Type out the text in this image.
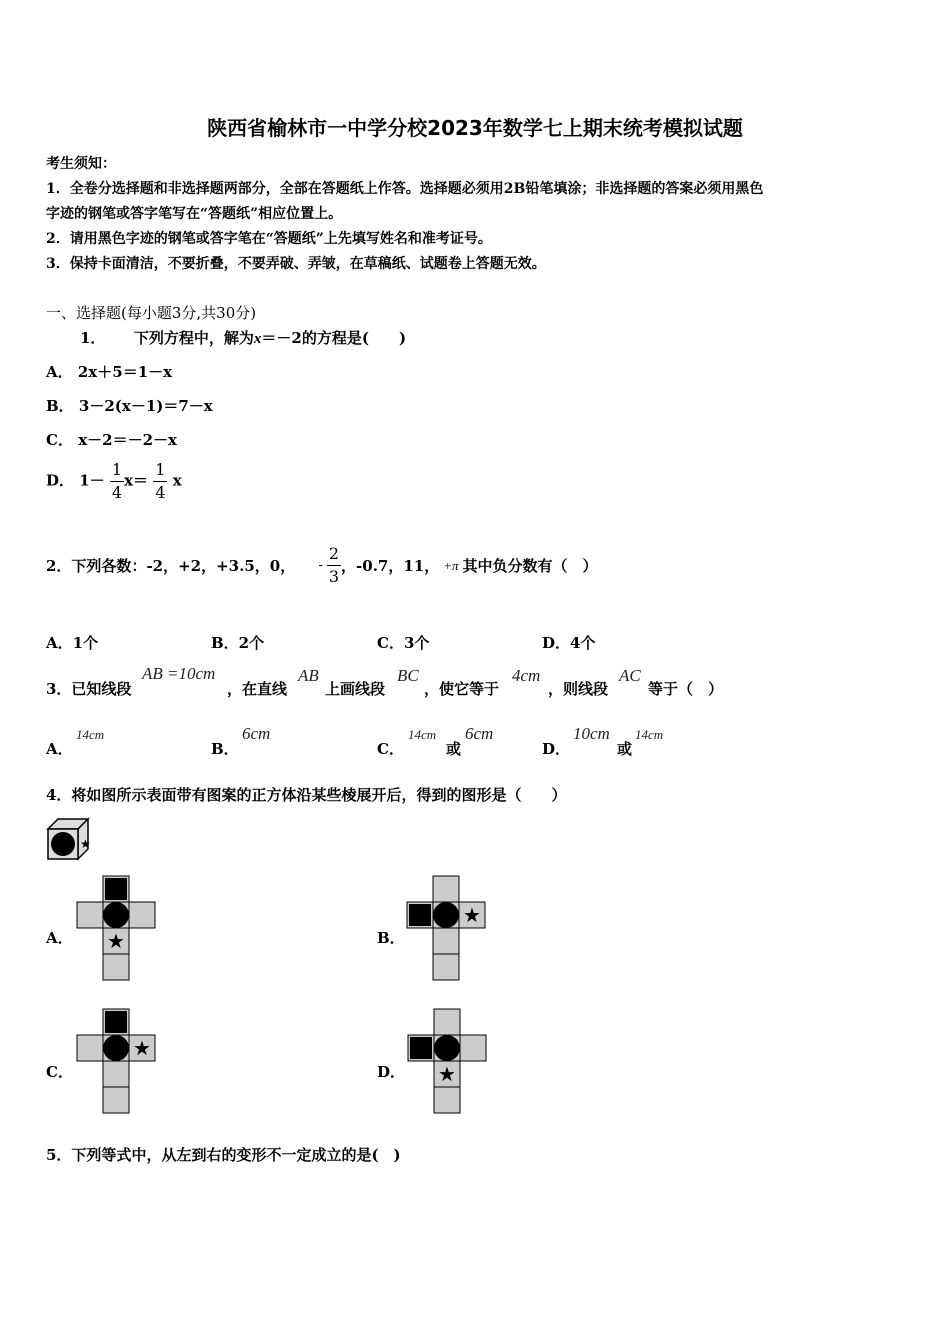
陕西省榆林市一中学分校2023年数学七上期末统考模拟试题
考生须知：
1．全卷分选择题和非选择题两部分，全部在答题纸上作答。选择题必须用2B铅笔填涂；非选择题的答案必须用黑色
字迹的钢笔或答字笔写在“答题纸”相应位置上。
2．请用黑色字迹的钢笔或答字笔在“答题纸”上先填写姓名和准考证号。
3．保持卡面清洁，不要折叠，不要弄破、弄皱，在草稿纸、试题卷上答题无效。
一、选择题(每小题3分,共30分)
1． 下列方程中，解为x＝－2的方程是(　　)
A． 2x＋5＝1－x
B． 3－2(x－1)＝7－x
C． x－2＝－2－x
D． $1- \frac{1}{4} x= \frac{1}{4}$ x
2．下列各数：-2，+2，+3.5，0， - $\frac{2}{3}$ ，-0.7，11， +π 其中负分数有（　）
A．1个	B．2个	C．3个	D．4个
3．已知线段
AB =10cm
，在直线
AB
上画线段
BC
，使它等于
4cm
，则线段
AC
等于（　）
A．
14cm
B．
6cm
C．
14cm
或
6cm
D．
10cm
或
14cm
4．将如图所示表面带有图案的正方体沿某些棱展开后，得到的图形是（　　）
★
A． ★	B．
★
C．
★
D． ★
5．下列等式中，从左到右的变形不一定成立的是(　)
